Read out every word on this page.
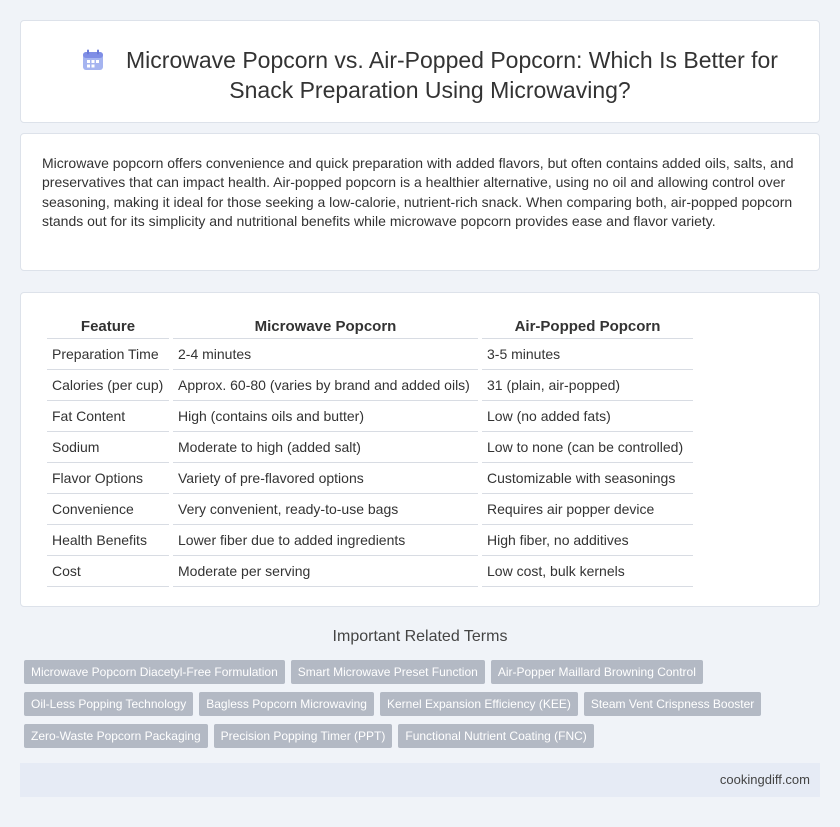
Microwave Popcorn vs. Air-Popped Popcorn: Which Is Better for Snack Preparation Using Microwaving?

Microwave popcorn offers convenience and quick preparation with added flavors, but often contains added oils, salts, and preservatives that can impact health. Air-popped popcorn is a healthier alternative, using no oil and allowing control over seasoning, making it ideal for those seeking a low-calorie, nutrient-rich snack. When comparing both, air-popped popcorn stands out for its simplicity and nutritional benefits while microwave popcorn provides ease and flavor variety.

Feature	Microwave Popcorn	Air-Popped Popcorn
Preparation Time	2-4 minutes	3-5 minutes
Calories (per cup)	Approx. 60-80 (varies by brand and added oils)	31 (plain, air-popped)
Fat Content	High (contains oils and butter)	Low (no added fats)
Sodium	Moderate to high (added salt)	Low to none (can be controlled)
Flavor Options	Variety of pre-flavored options	Customizable with seasonings
Convenience	Very convenient, ready-to-use bags	Requires air popper device
Health Benefits	Lower fiber due to added ingredients	High fiber, no additives
Cost	Moderate per serving	Low cost, bulk kernels
Important Related Terms
Microwave Popcorn Diacetyl-Free Formulation Smart Microwave Preset Function Air-Popper Maillard Browning Control
Oil-Less Popping Technology Bagless Popcorn Microwaving Kernel Expansion Efficiency (KEE) Steam Vent Crispness Booster
Zero-Waste Popcorn Packaging Precision Popping Timer (PPT) Functional Nutrient Coating (FNC)
cookingdiff.com
